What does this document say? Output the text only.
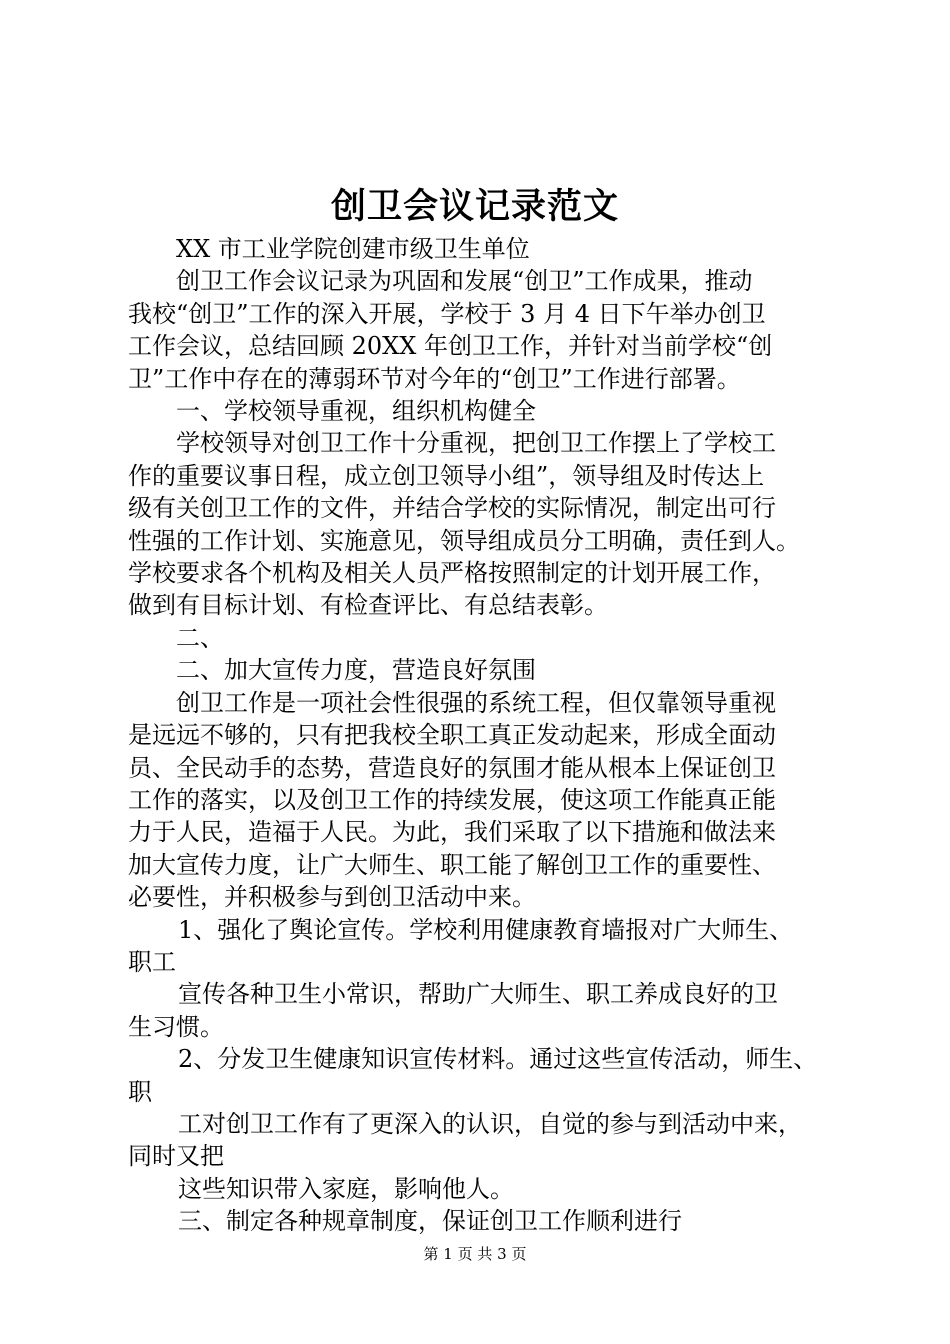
创卫会议记录范文

XX 市工业学院创建市级卫生单位

创卫工作会议记录为巩固和发展“创卫”工作成果，推动

我校“创卫”工作的深入开展，学校于 3 月 4 日下午举办创卫

工作会议，总结回顾 20XX 年创卫工作，并针对当前学校“创

卫”工作中存在的薄弱环节对今年的“创卫”工作进行部署。

一、学校领导重视，组织机构健全

学校领导对创卫工作十分重视，把创卫工作摆上了学校工

作的重要议事日程，成立创卫领导小组”，领导组及时传达上

级有关创卫工作的文件，并结合学校的实际情况，制定出可行

性强的工作计划、实施意见，领导组成员分工明确，责任到人。

学校要求各个机构及相关人员严格按照制定的计划开展工作，

做到有目标计划、有检查评比、有总结表彰。

二、

二、加大宣传力度，营造良好氛围

创卫工作是一项社会性很强的系统工程，但仅靠领导重视

是远远不够的，只有把我校全职工真正发动起来，形成全面动

员、全民动手的态势，营造良好的氛围才能从根本上保证创卫

工作的落实，以及创卫工作的持续发展，使这项工作能真正能

力于人民，造福于人民。为此，我们采取了以下措施和做法来

加大宣传力度，让广大师生、职工能了解创卫工作的重要性、

必要性，并积极参与到创卫活动中来。

1、强化了舆论宣传。学校利用健康教育墙报对广大师生、

职工

宣传各种卫生小常识，帮助广大师生、职工养成良好的卫

生习惯。

2、分发卫生健康知识宣传材料。通过这些宣传活动，师生、

职

工对创卫工作有了更深入的认识，自觉的参与到活动中来，

同时又把

这些知识带入家庭，影响他人。

三、制定各种规章制度，保证创卫工作顺利进行

第 1 页 共 3 页
